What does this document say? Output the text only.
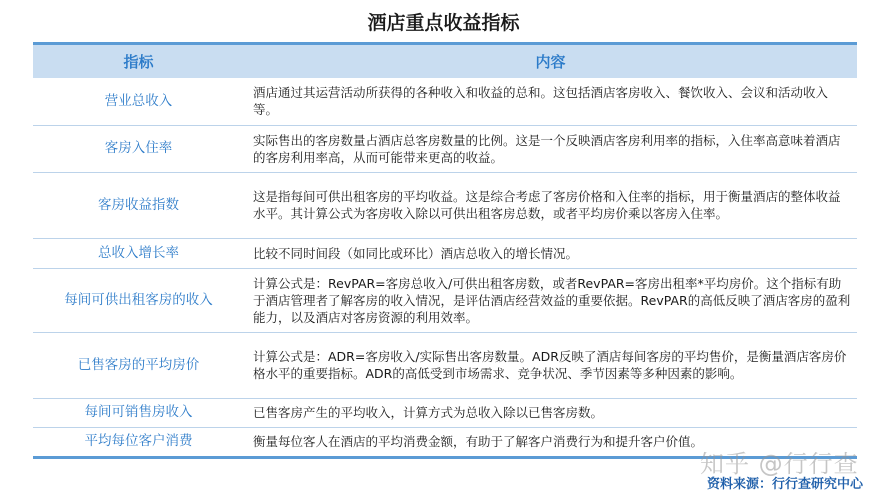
酒店重点收益指标
指标	内容
营业总收入	酒店通过其运营活动所获得的各种收入和收益的总和。这包括酒店客房收入、餐饮收入、会议和活动收入等。
客房入住率	实际售出的客房数量占酒店总客房数量的比例。这是一个反映酒店客房利用率的指标，入住率高意味着酒店的客房利用率高，从而可能带来更高的收益。
客房收益指数	这是指每间可供出租客房的平均收益。这是综合考虑了客房价格和入住率的指标，用于衡量酒店的整体收益水平。其计算公式为客房收入除以可供出租客房总数，或者平均房价乘以客房入住率。
总收入增长率	比较不同时间段（如同比或环比）酒店总收入的增长情况。
每间可供出租客房的收入	计算公式是：RevPAR=客房总收入/可供出租客房数，或者RevPAR=客房出租率*平均房价。这个指标有助于酒店管理者了解客房的收入情况，是评估酒店经营效益的重要依据。RevPAR的高低反映了酒店客房的盈利能力，以及酒店对客房资源的利用效率。
已售客房的平均房价	计算公式是：ADR=客房收入/实际售出客房数量。ADR反映了酒店每间客房的平均售价，是衡量酒店客房价格水平的重要指标。ADR的高低受到市场需求、竞争状况、季节因素等多种因素的影响。
每间可销售房收入	已售客房产生的平均收入，计算方式为总收入除以已售客房数。
平均每位客户消费	衡量每位客人在酒店的平均消费金额，有助于了解客户消费行为和提升客户价值。
知乎 @行行查
资料来源：行行查研究中心
